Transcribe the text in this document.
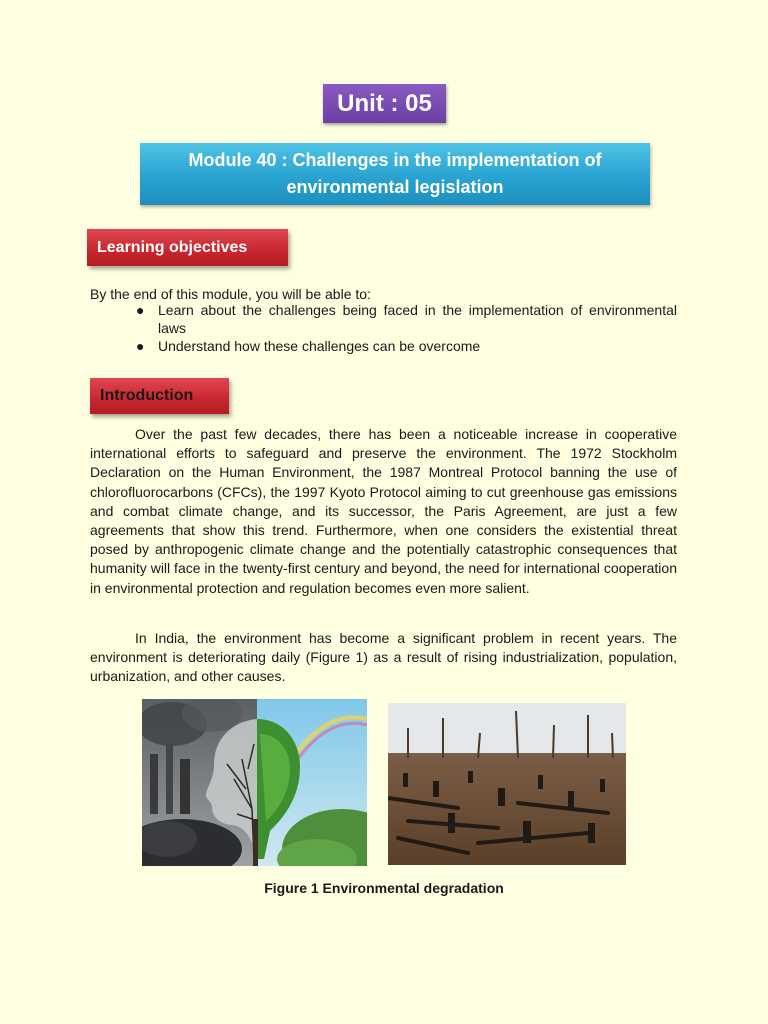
Unit : 05
Module 40 : Challenges in the implementation of
environmental legislation
Learning objectives
By the end of this module, you will be able to:
● Learn about the challenges being faced in the implementation of environmental laws
● Understand how these challenges can be overcome
Introduction
Over the past few decades, there has been a noticeable increase in cooperative international efforts to safeguard and preserve the environment. The 1972 Stockholm Declaration on the Human Environment, the 1987 Montreal Protocol banning the use of chlorofluorocarbons (CFCs), the 1997 Kyoto Protocol aiming to cut greenhouse gas emissions and combat climate change, and its successor, the Paris Agreement, are just a few agreements that show this trend. Furthermore, when one considers the existential threat posed by anthropogenic climate change and the potentially catastrophic consequences that humanity will face in the twenty-first century and beyond, the need for international cooperation in environmental protection and regulation becomes even more salient.
In India, the environment has become a significant problem in recent years. The environment is deteriorating daily (Figure 1) as a result of rising industrialization, population, urbanization, and other causes.
Figure 1 Environmental degradation
